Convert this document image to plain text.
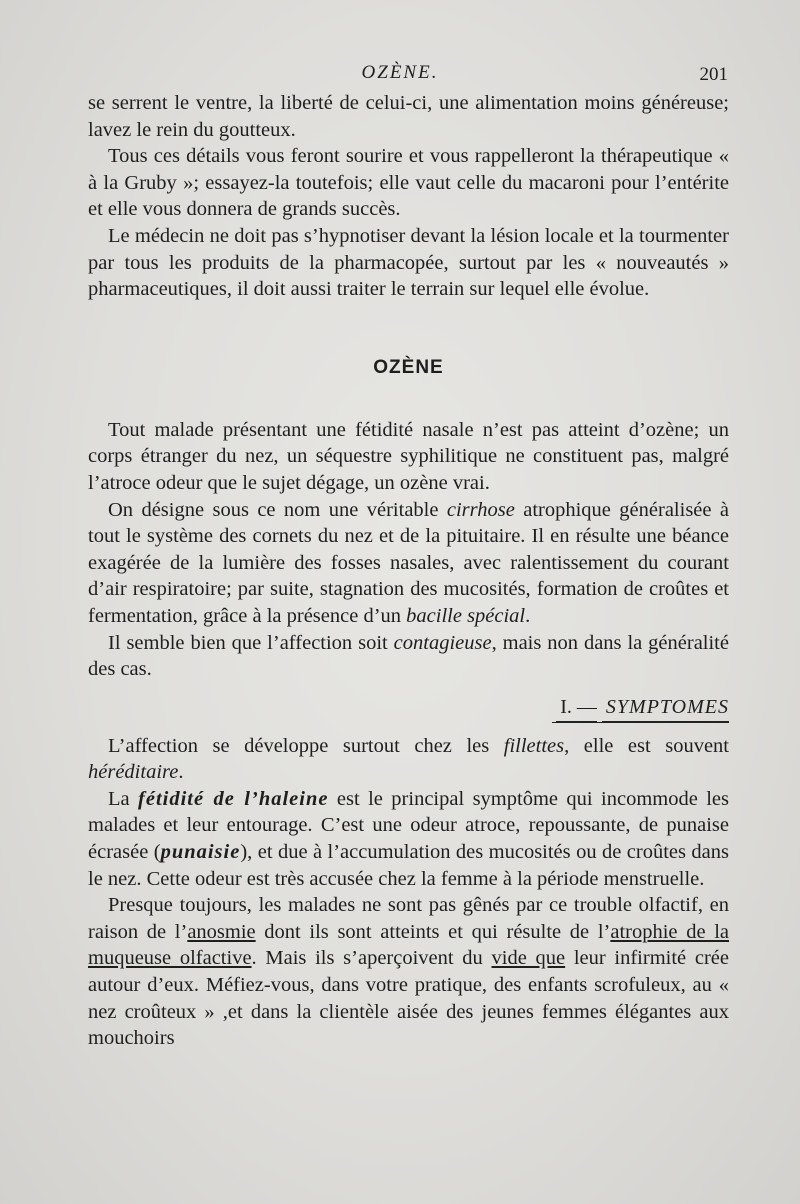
OZÈNE.	201

se serrent le ventre, la liberté de celui-ci, une alimentation moins généreuse; lavez le rein du goutteux.

Tous ces détails vous feront sourire et vous rappelleront la thérapeutique « à la Gruby »; essayez-la toutefois; elle vaut celle du macaroni pour l’entérite et elle vous donnera de grands succès.

Le médecin ne doit pas s’hypnotiser devant la lésion locale et la tourmenter par tous les produits de la pharmacopée, surtout par les « nouveautés » pharmaceutiques, il doit aussi traiter le terrain sur lequel elle évolue.

OZÈNE

Tout malade présentant une fétidité nasale n’est pas atteint d’ozène; un corps étranger du nez, un séquestre syphilitique ne constituent pas, malgré l’atroce odeur que le sujet dégage, un ozène vrai.

On désigne sous ce nom une véritable cirrhose atrophique généralisée à tout le système des cornets du nez et de la pituitaire. Il en résulte une béance exagérée de la lumière des fosses nasales, avec ralentissement du courant d’air respiratoire; par suite, stagnation des mucosités, formation de croûtes et fermentation, grâce à la présence d’un bacille spécial.

Il semble bien que l’affection soit contagieuse, mais non dans la généralité des cas.

I. — SYMPTOMES

L’affection se développe surtout chez les fillettes, elle est souvent héréditaire.

La fétidité de l’haleine est le principal symptôme qui incommode les malades et leur entourage. C’est une odeur atroce, repoussante, de punaise écrasée (punaisie), et due à l’accumulation des mucosités ou de croûtes dans le nez. Cette odeur est très accusée chez la femme à la période menstruelle.

Presque toujours, les malades ne sont pas gênés par ce trouble olfactif, en raison de l’anosmie dont ils sont atteints et qui résulte de l’atrophie de la muqueuse olfactive. Mais ils s’aperçoivent du vide que leur infirmité crée autour d’eux. Méfiez-vous, dans votre pratique, des enfants scrofuleux, au « nez croûteux » ,et dans la clientèle aisée des jeunes femmes élégantes aux mouchoirs
